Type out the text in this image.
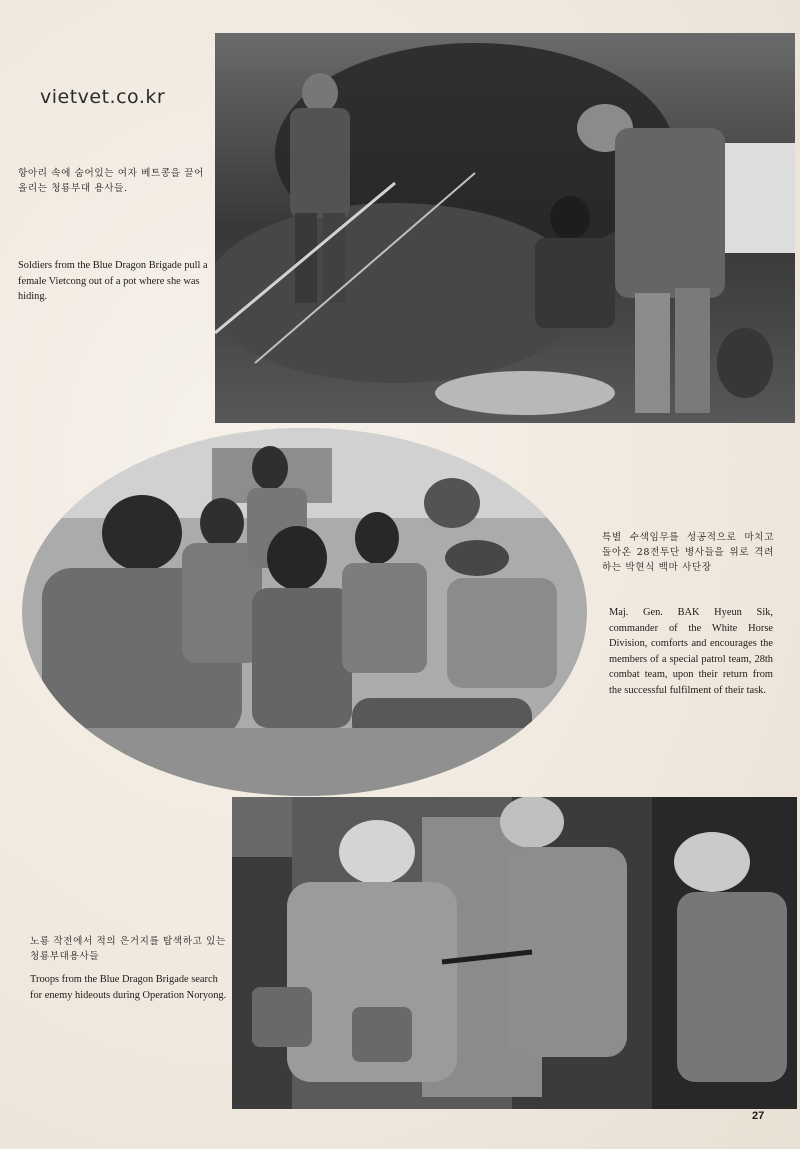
vietvet.co.kr
항아리 속에 숨어있는 여자 베트콩을 끌어올리는 청룡부대 용사들.
Soldiers from the Blue Dragon Brigade pull a female Vietcong out of a pot where she was hiding.
특별 수색임무를 성공적으로 마치고 돌아온 28전투단 병사들을 위로 격려하는 박현식 백마 사단장
Maj. Gen. BAK Hyeun Sik, commander of the White Horse Division, comforts and encourages the members of a special patrol team, 28th combat team, upon their return from the successful fulfilment of their task.
노룡 작전에서 적의 은거지를 탐색하고 있는 청룡부대용사들
Troops from the Blue Dragon Brigade search for enemy hideouts during Operation Noryong.
27
